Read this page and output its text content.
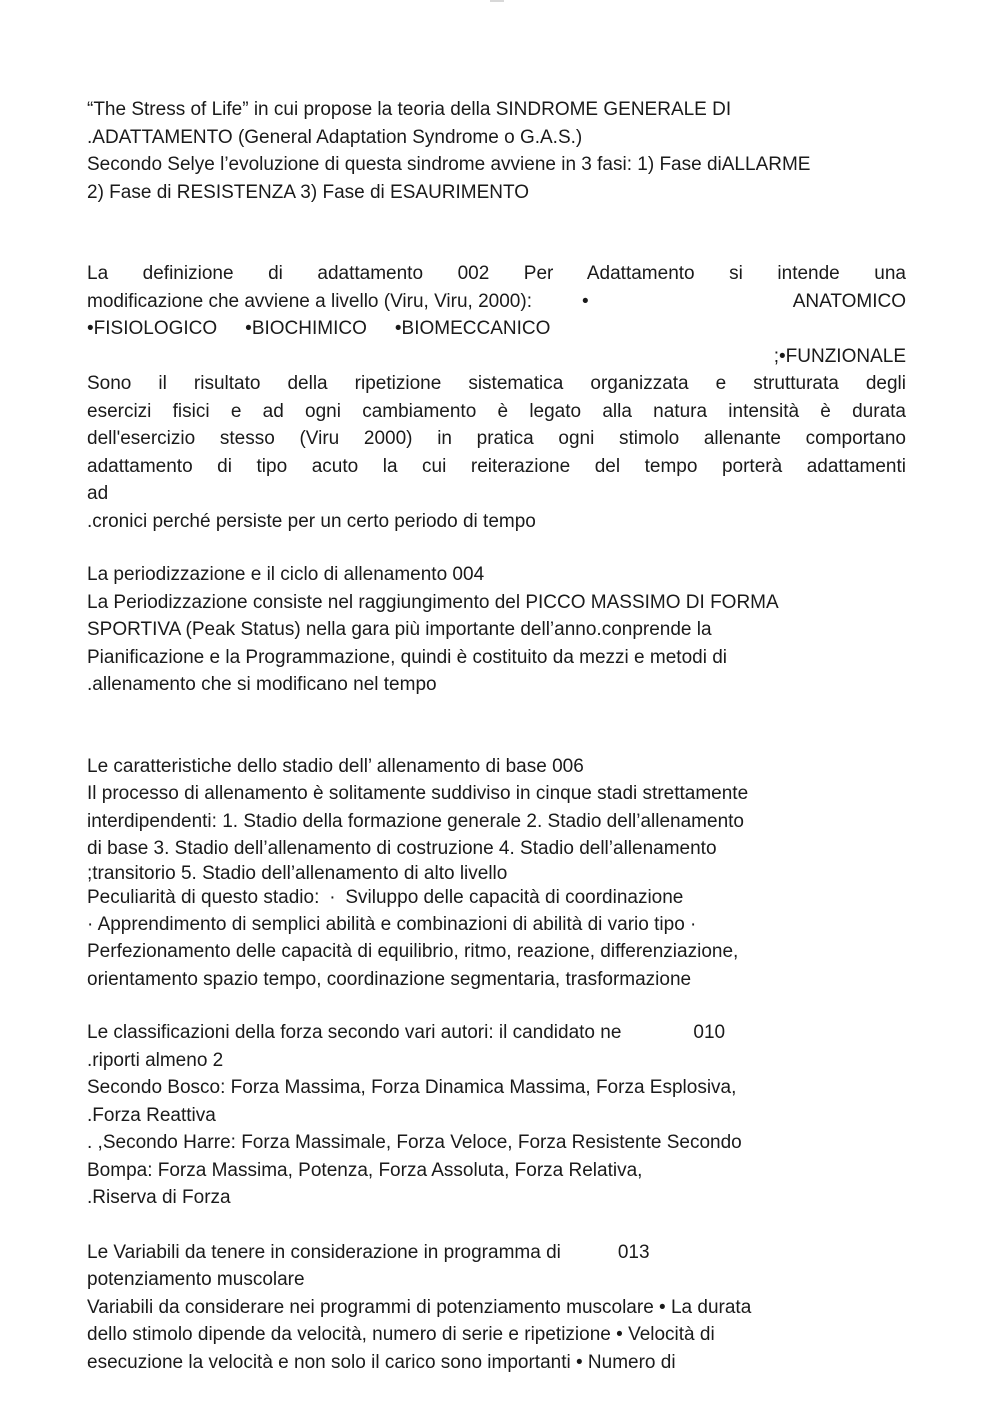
“The Stress of Life” in cui propose la teoria della SINDROME GENERALE DI
.ADATTAMENTO (General Adaptation Syndrome o G.A.S.)
Secondo Selye l’evoluzione di questa sindrome avviene in 3 fasi: 1) Fase diALLARME
2) Fase di RESISTENZA 3) Fase di ESAURIMENTO
La definizione di adattamento 002 Per Adattamento si intende una
modificazione che avviene a livello (Viru, Viru, 2000):	•	ANATOMICO
•FISIOLOGICO •BIOCHIMICO •BIOMECCANICO
;•FUNZIONALE
Sono il risultato della ripetizione sistematica organizzata e strutturata degli
esercizi fisici e ad ogni cambiamento è legato alla natura intensità è durata
dell'esercizio stesso (Viru 2000) in pratica ogni stimolo allenante comportano
adattamento di tipo acuto la cui reiterazione del tempo porterà adattamenti
ad
.cronici perché persiste per un certo periodo di tempo
La periodizzazione e il ciclo di allenamento 004
La Periodizzazione consiste nel raggiungimento del PICCO MASSIMO DI FORMA
SPORTIVA (Peak Status) nella gara più importante dell’anno.conprende la
Pianificazione e la Programmazione, quindi è costituito da mezzi e metodi di
.allenamento che si modificano nel tempo
Le caratteristiche dello stadio dell’ allenamento di base 006
Il processo di allenamento è solitamente suddiviso in cinque stadi strettamente
interdipendenti: 1. Stadio della formazione generale 2. Stadio dell’allenamento
di base 3. Stadio dell’allenamento di costruzione 4. Stadio dell’allenamento
;transitorio 5. Stadio dell’allenamento di alto livello
Peculiarità di questo stadio: · Sviluppo delle capacità di coordinazione
· Apprendimento di semplici abilità e combinazioni di abilità di vario tipo ·
Perfezionamento delle capacità di equilibrio, ritmo, reazione, differenziazione,
orientamento spazio tempo, coordinazione segmentaria, trasformazione
Le classificazioni della forza secondo vari autori: il candidato ne	010
.riporti almeno 2
Secondo Bosco: Forza Massima, Forza Dinamica Massima, Forza Esplosiva,
.Forza Reattiva
. ,Secondo Harre: Forza Massimale, Forza Veloce, Forza Resistente Secondo
Bompa: Forza Massima, Potenza, Forza Assoluta, Forza Relativa,
.Riserva di Forza
Le Variabili da tenere in considerazione in programma di	013
potenziamento muscolare
Variabili da considerare nei programmi di potenziamento muscolare • La durata
dello stimolo dipende da velocità, numero di serie e ripetizione • Velocità di
esecuzione la velocità e non solo il carico sono importanti • Numero di
